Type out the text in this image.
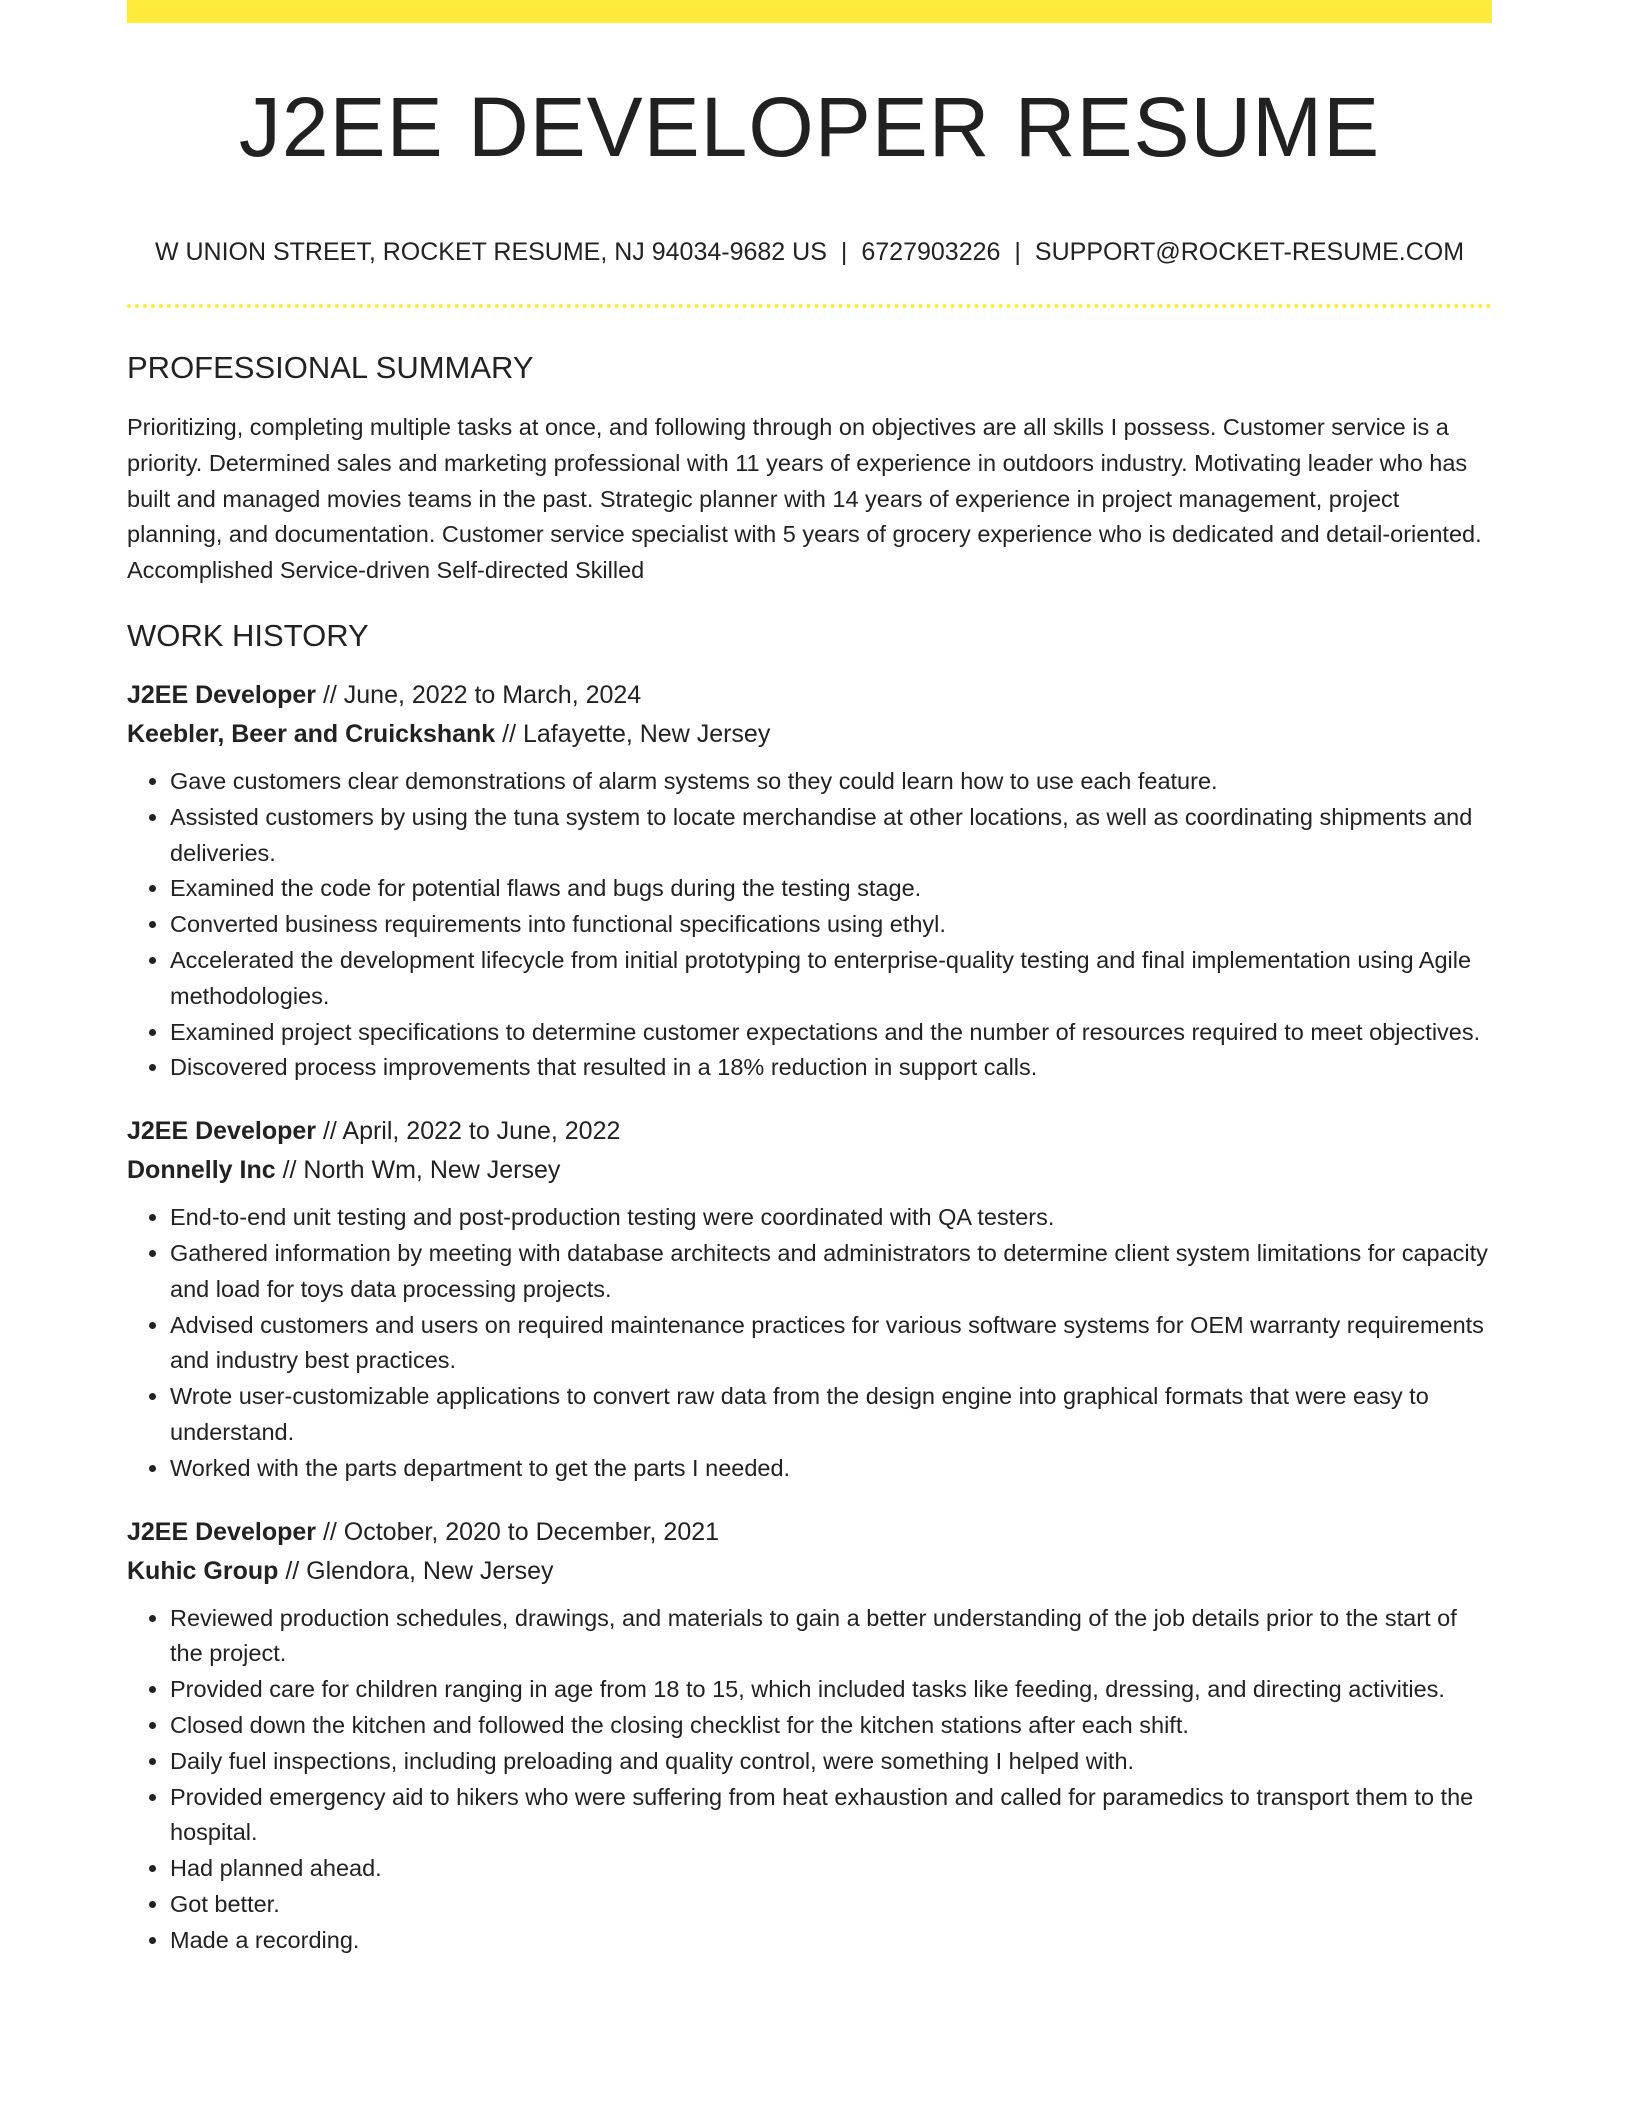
J2EE DEVELOPER RESUME
W UNION STREET, ROCKET RESUME, NJ 94034-9682 US | 6727903226 | SUPPORT@ROCKET-RESUME.COM
PROFESSIONAL SUMMARY

Prioritizing, completing multiple tasks at once, and following through on objectives are all skills I possess. Customer service is a priority. Determined sales and marketing professional with 11 years of experience in outdoors industry. Motivating leader who has built and managed movies teams in the past. Strategic planner with 14 years of experience in project management, project planning, and documentation. Customer service specialist with 5 years of grocery experience who is dedicated and detail-oriented. Accomplished Service-driven Self-directed Skilled

WORK HISTORY
J2EE Developer // June, 2022 to March, 2024
Keebler, Beer and Cruickshank // Lafayette, New Jersey
• Gave customers clear demonstrations of alarm systems so they could learn how to use each feature.
• Assisted customers by using the tuna system to locate merchandise at other locations, as well as coordinating shipments and deliveries.
• Examined the code for potential flaws and bugs during the testing stage.
• Converted business requirements into functional specifications using ethyl.
• Accelerated the development lifecycle from initial prototyping to enterprise-quality testing and final implementation using Agile methodologies.
• Examined project specifications to determine customer expectations and the number of resources required to meet objectives.
• Discovered process improvements that resulted in a 18% reduction in support calls.
J2EE Developer // April, 2022 to June, 2022
Donnelly Inc // North Wm, New Jersey
• End-to-end unit testing and post-production testing were coordinated with QA testers.
• Gathered information by meeting with database architects and administrators to determine client system limitations for capacity and load for toys data processing projects.
• Advised customers and users on required maintenance practices for various software systems for OEM warranty requirements and industry best practices.
• Wrote user-customizable applications to convert raw data from the design engine into graphical formats that were easy to understand.
• Worked with the parts department to get the parts I needed.
J2EE Developer // October, 2020 to December, 2021
Kuhic Group // Glendora, New Jersey
• Reviewed production schedules, drawings, and materials to gain a better understanding of the job details prior to the start of the project.
• Provided care for children ranging in age from 18 to 15, which included tasks like feeding, dressing, and directing activities.
• Closed down the kitchen and followed the closing checklist for the kitchen stations after each shift.
• Daily fuel inspections, including preloading and quality control, were something I helped with.
• Provided emergency aid to hikers who were suffering from heat exhaustion and called for paramedics to transport them to the hospital.
• Had planned ahead.
• Got better.
• Made a recording.
